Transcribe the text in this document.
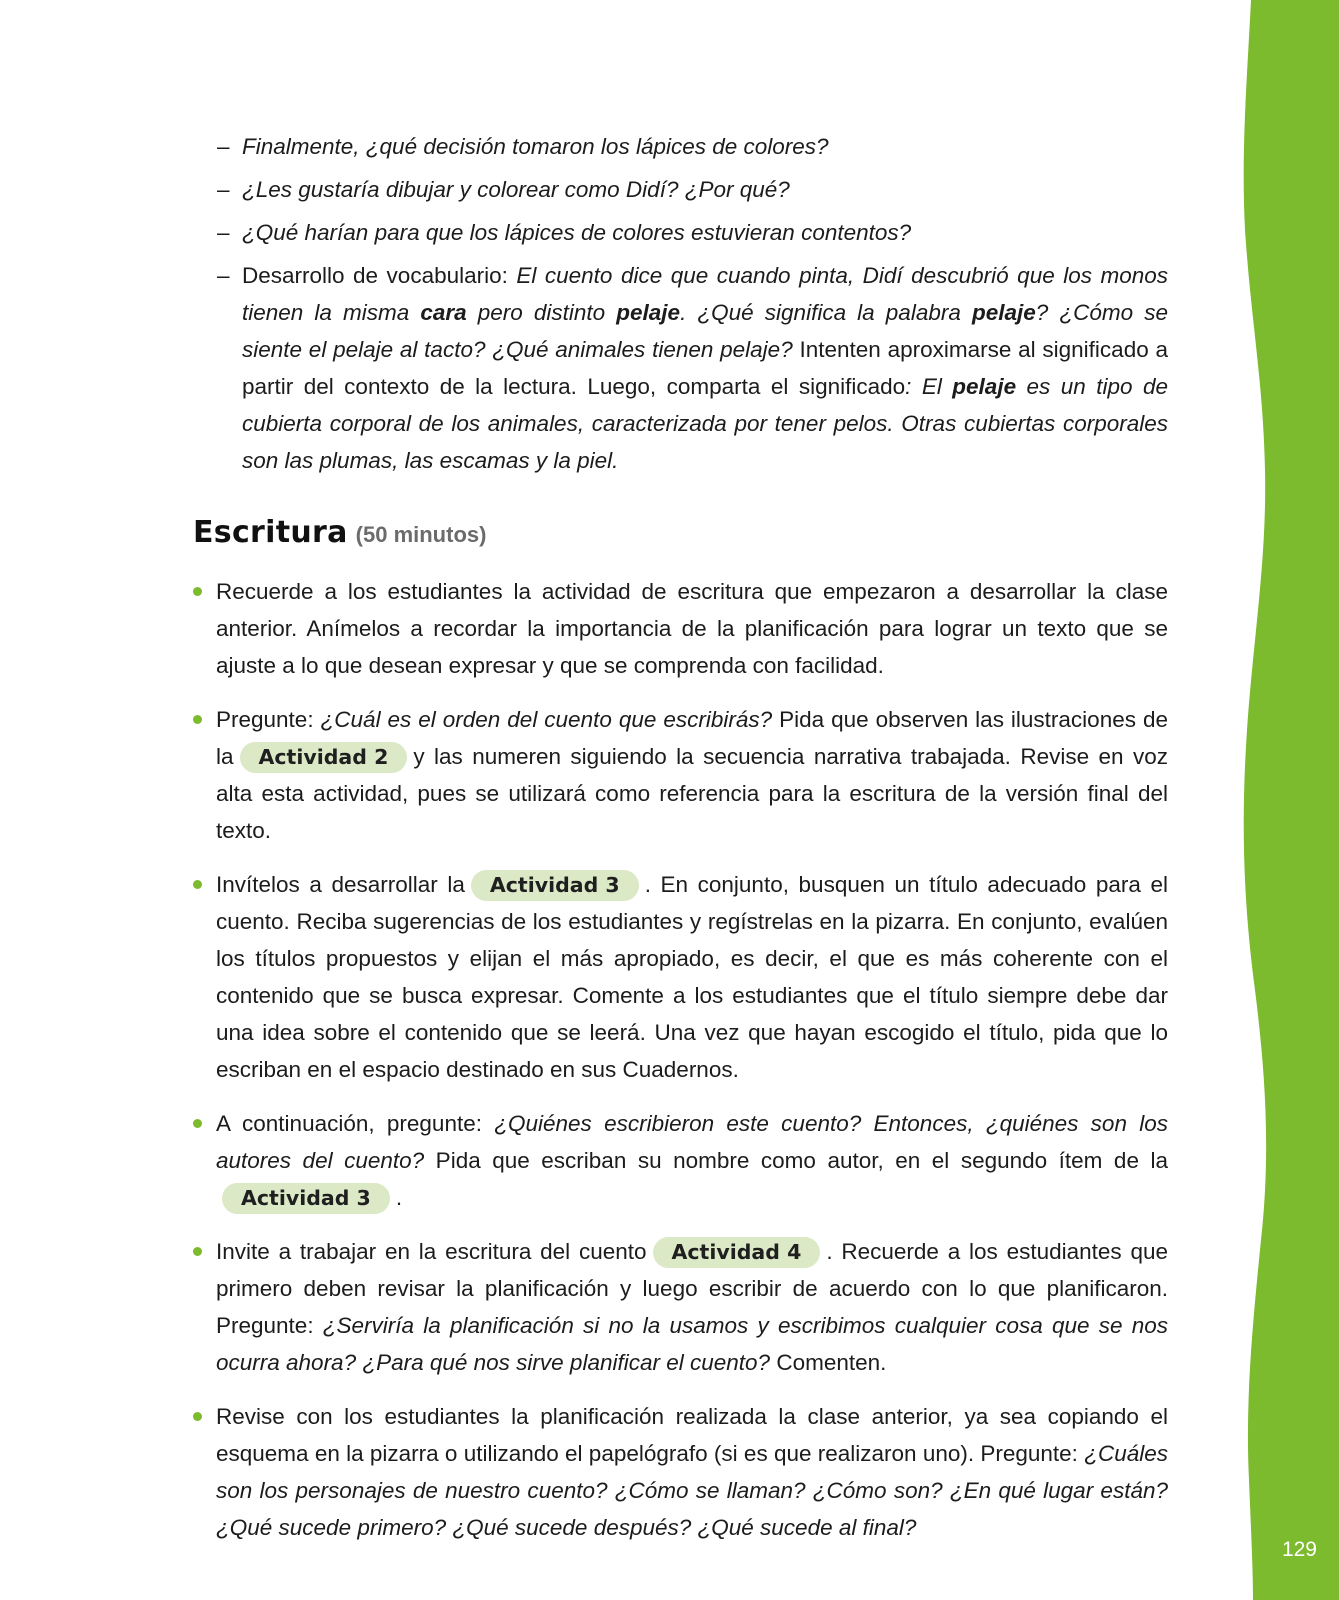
129
– Finalmente, ¿qué decisión tomaron los lápices de colores?
– ¿Les gustaría dibujar y colorear como Didí? ¿Por qué?
– ¿Qué harían para que los lápices de colores estuvieran contentos?
– Desarrollo de vocabulario: El cuento dice que cuando pinta, Didí descubrió que los monos tienen la misma cara pero distinto pelaje. ¿Qué significa la palabra pelaje? ¿Cómo se siente el pelaje al tacto? ¿Qué animales tienen pelaje? Intenten aproximarse al significado a partir del contexto de la lectura. Luego, comparta el significado: El pelaje es un tipo de cubierta corporal de los animales, caracterizada por tener pelos. Otras cubiertas corporales son las plumas, las escamas y la piel.
Escritura (50 minutos)
Recuerde a los estudiantes la actividad de escritura que empezaron a desarrollar la clase anterior. Anímelos a recordar la importancia de la planificación para lograr un texto que se ajuste a lo que desean expresar y que se comprenda con facilidad.
Pregunte: ¿Cuál es el orden del cuento que escribirás? Pida que observen las ilustraciones de la Actividad 2 y las numeren siguiendo la secuencia narrativa trabajada. Revise en voz alta esta actividad, pues se utilizará como referencia para la escritura de la versión final del texto.
Invítelos a desarrollar la Actividad 3 . En conjunto, busquen un título adecuado para el cuento. Reciba sugerencias de los estudiantes y regístrelas en la pizarra. En conjunto, evalúen los títulos propuestos y elijan el más apropiado, es decir, el que es más coherente con el contenido que se busca expresar. Comente a los estudiantes que el título siempre debe dar una idea sobre el contenido que se leerá. Una vez que hayan escogido el título, pida que lo escriban en el espacio destinado en sus Cuadernos.
A continuación, pregunte: ¿Quiénes escribieron este cuento? Entonces, ¿quiénes son los autores del cuento? Pida que escriban su nombre como autor, en el segundo ítem de laActividad 3 .
Invite a trabajar en la escritura del cuento Actividad 4 . Recuerde a los estudiantes que primero deben revisar la planificación y luego escribir de acuerdo con lo que planificaron. Pregunte: ¿Serviría la planificación si no la usamos y escribimos cualquier cosa que se nos ocurra ahora? ¿Para qué nos sirve planificar el cuento? Comenten.
Revise con los estudiantes la planificación realizada la clase anterior, ya sea copiando el esquema en la pizarra o utilizando el papelógrafo (si es que realizaron uno). Pregunte: ¿Cuáles son los personajes de nuestro cuento? ¿Cómo se llaman? ¿Cómo son? ¿En qué lugar están? ¿Qué sucede primero? ¿Qué sucede después? ¿Qué sucede al final?
